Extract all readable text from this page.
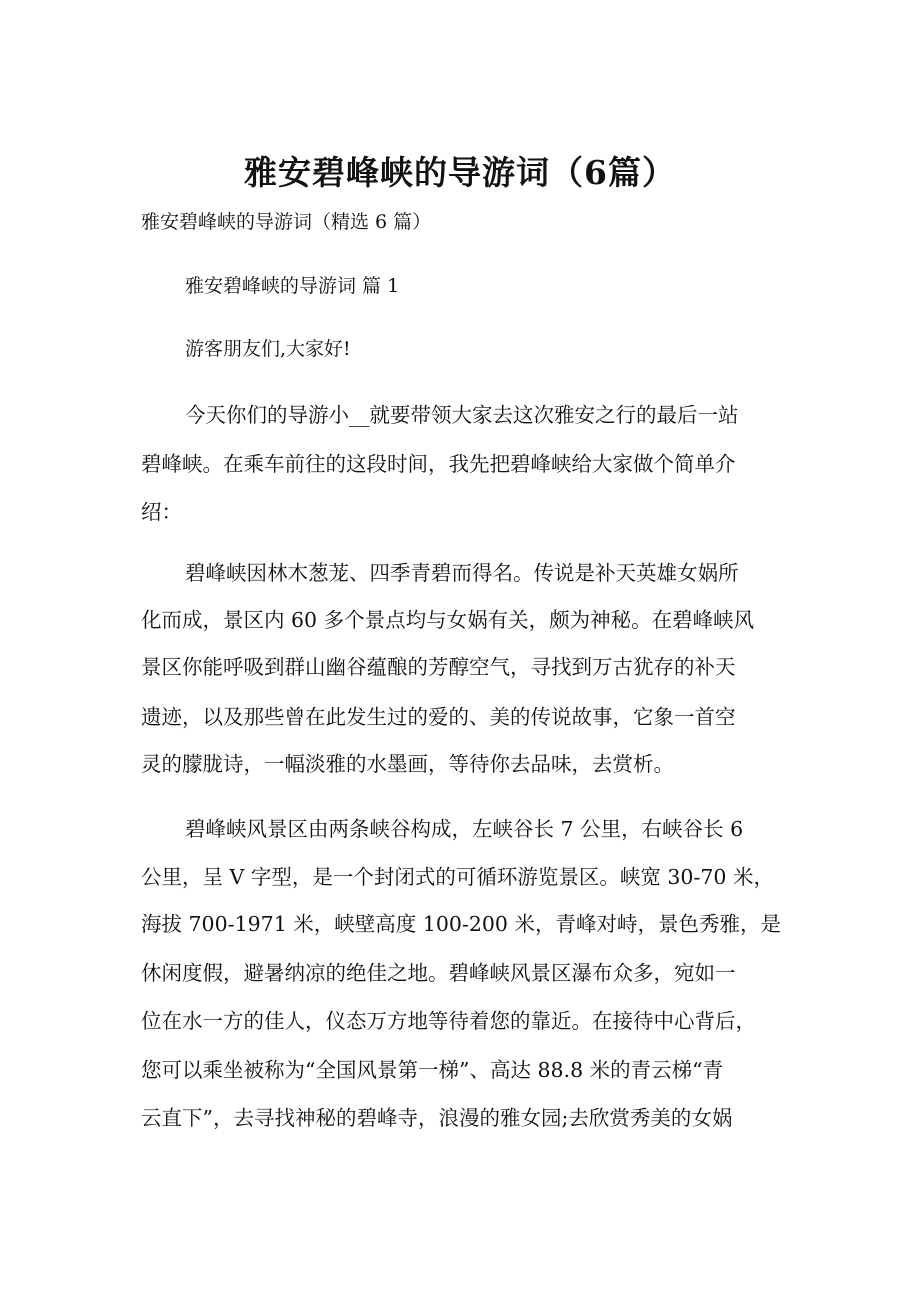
雅安碧峰峡的导游词（6篇）

雅安碧峰峡的导游词（精选 6 篇）

雅安碧峰峡的导游词 篇 1

游客朋友们,大家好!

今天你们的导游小__就要带领大家去这次雅安之行的最后一站

碧峰峡。在乘车前往的这段时间，我先把碧峰峡给大家做个简单介

绍：

碧峰峡因林木葱茏、四季青碧而得名。传说是补天英雄女娲所

化而成，景区内 60 多个景点均与女娲有关，颇为神秘。在碧峰峡风

景区你能呼吸到群山幽谷蕴酿的芳醇空气，寻找到万古犹存的补天

遗迹，以及那些曾在此发生过的爱的、美的传说故事，它象一首空

灵的朦胧诗，一幅淡雅的水墨画，等待你去品味，去赏析。

碧峰峡风景区由两条峡谷构成，左峡谷长 7 公里，右峡谷长 6

公里，呈 V 字型，是一个封闭式的可循环游览景区。峡宽 30-70 米，

海拔 700-1971 米，峡壁高度 100-200 米，青峰对峙，景色秀雅，是

休闲度假，避暑纳凉的绝佳之地。碧峰峡风景区瀑布众多，宛如一

位在水一方的佳人，仪态万方地等待着您的靠近。在接待中心背后，

您可以乘坐被称为“全国风景第一梯”、高达 88.8 米的青云梯“青

云直下”，去寻找神秘的碧峰寺，浪漫的雅女园;去欣赏秀美的女娲
